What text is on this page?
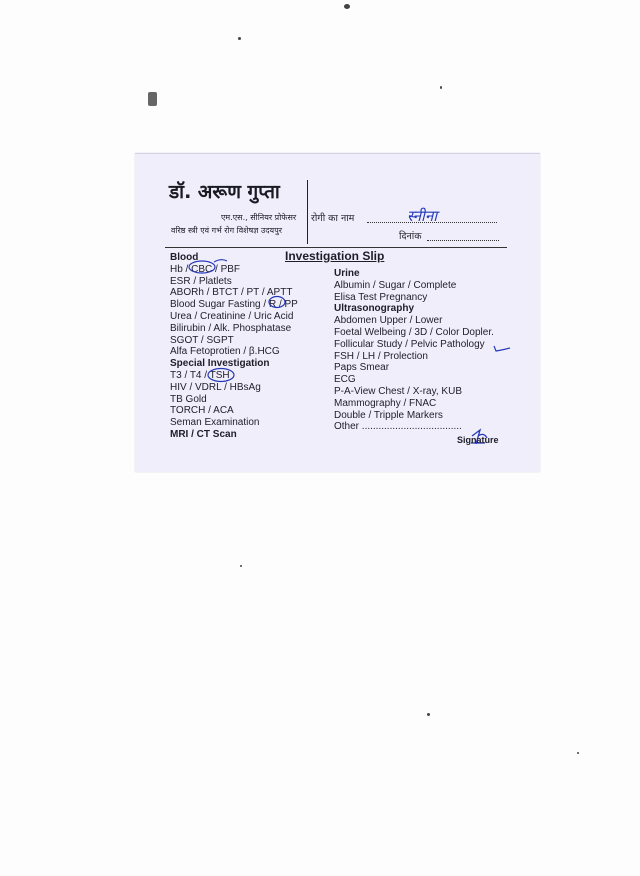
डॉ. अरूण गुप्ता
एम.एस., सीनियर प्रोफेसर
वरिष्ठ स्त्री एवं गर्भ रोग विशेषज्ञ उदयपुर
रोगी का नाम	स्नीना
दिनांक
Investigation Slip
Blood
Hb / CBC / PBF
ESR / Platlets
ABORh / BTCT / PT / APTT
Blood Sugar Fasting / R / PP
Urea / Creatinine / Uric Acid
Bilirubin / Alk. Phosphatase
SGOT / SGPT
Alfa Fetoprotien / β.HCG
Special Investigation
T3 / T4 / TSH
HIV / VDRL / HBsAg
TB Gold
TORCH / ACA
Seman Examination
MRI / CT Scan
Urine
Albumin / Sugar / Complete
Elisa Test Pregnancy
Ultrasonography
Abdomen Upper / Lower
Foetal Welbeing / 3D / Color Dopler.
Follicular Study / Pelvic Pathology
FSH / LH / Prolection
Paps Smear
ECG
P-A-View Chest / X-ray, KUB
Mammography / FNAC
Double / Tripple Markers
Other ....................................
Signature
